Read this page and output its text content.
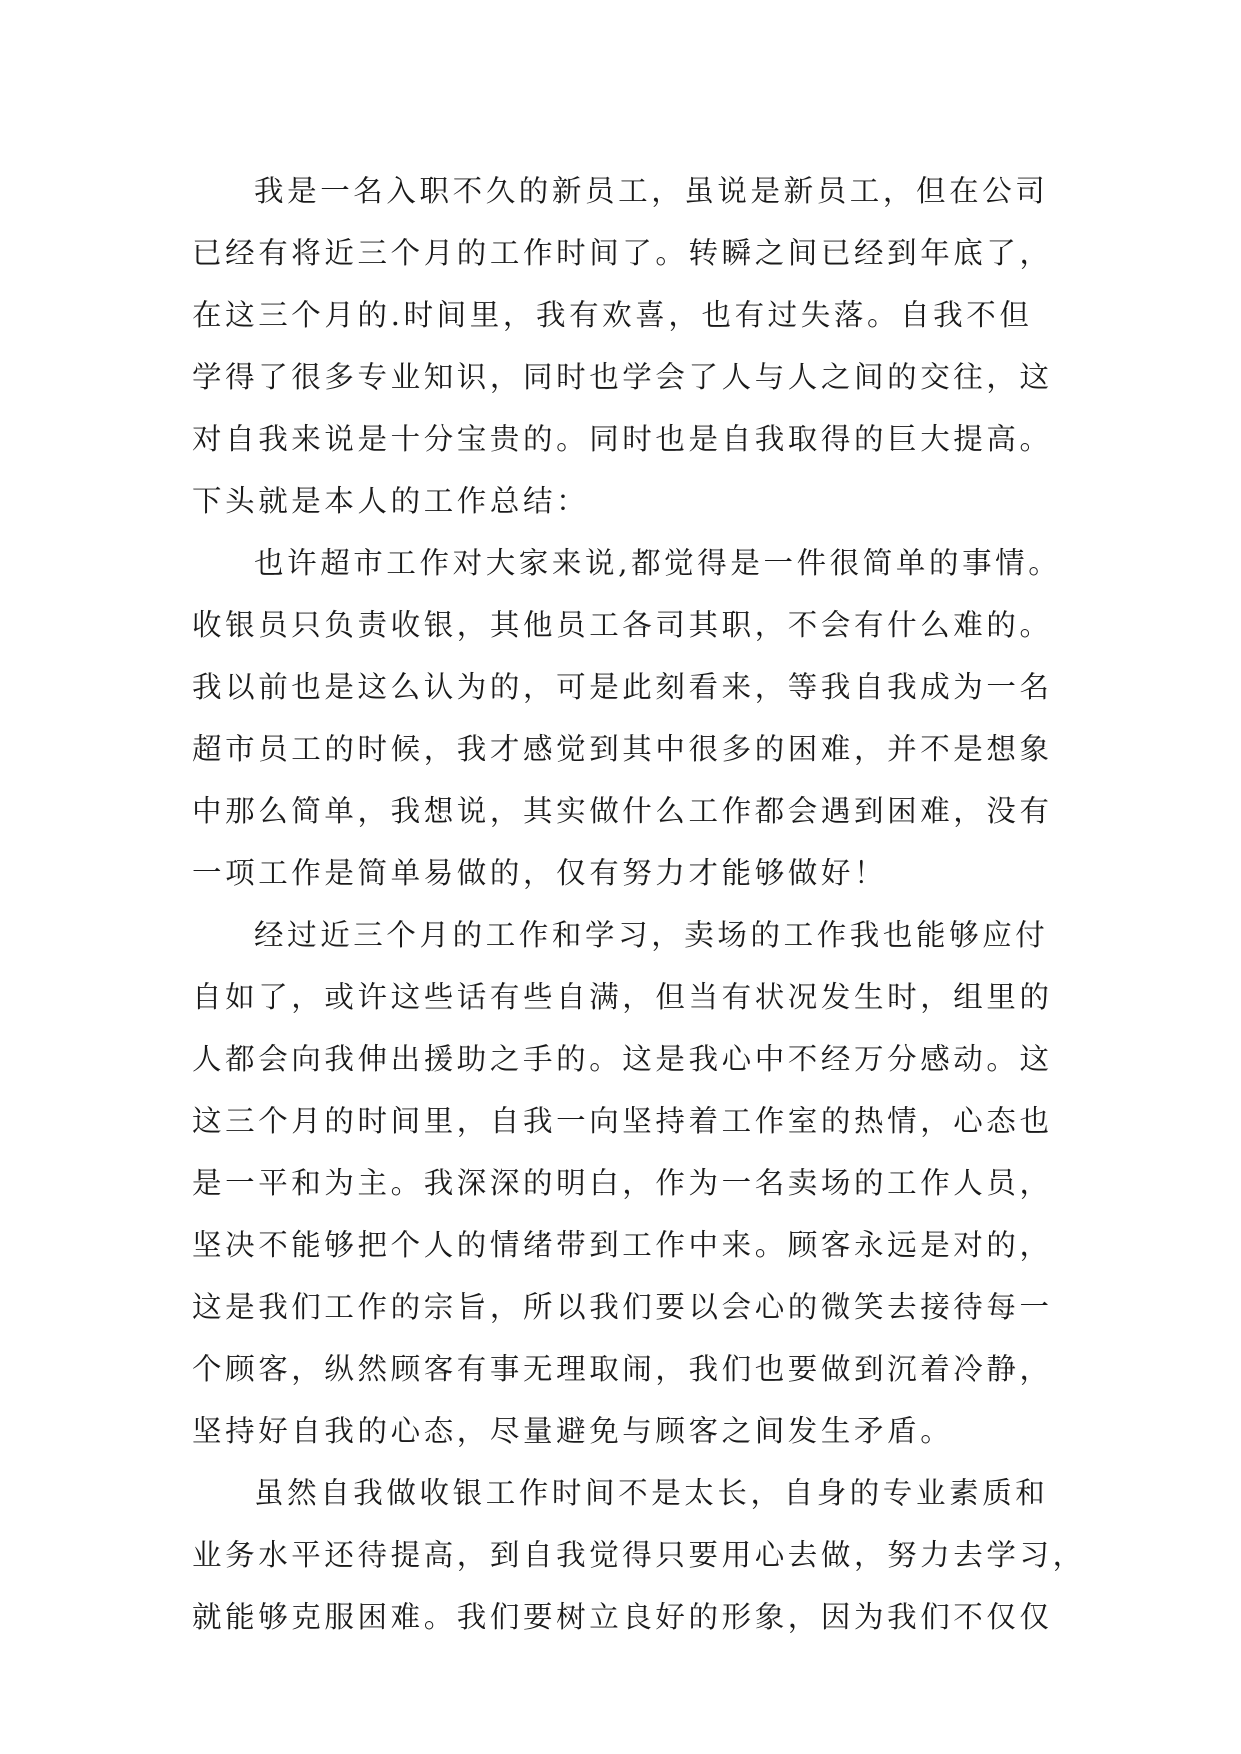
我是一名入职不久的新员工，虽说是新员工，但在公司
已经有将近三个月的工作时间了。转瞬之间已经到年底了，
在这三个月的.时间里，我有欢喜，也有过失落。自我不但
学得了很多专业知识，同时也学会了人与人之间的交往，这
对自我来说是十分宝贵的。同时也是自我取得的巨大提高。
下头就是本人的工作总结：
也许超市工作对大家来说,都觉得是一件很简单的事情。
收银员只负责收银，其他员工各司其职，不会有什么难的。
我以前也是这么认为的，可是此刻看来，等我自我成为一名
超市员工的时候，我才感觉到其中很多的困难，并不是想象
中那么简单，我想说，其实做什么工作都会遇到困难，没有
一项工作是简单易做的，仅有努力才能够做好！
经过近三个月的工作和学习，卖场的工作我也能够应付
自如了，或许这些话有些自满，但当有状况发生时，组里的
人都会向我伸出援助之手的。这是我心中不经万分感动。这
这三个月的时间里，自我一向坚持着工作室的热情，心态也
是一平和为主。我深深的明白，作为一名卖场的工作人员，
坚决不能够把个人的情绪带到工作中来。顾客永远是对的，
这是我们工作的宗旨，所以我们要以会心的微笑去接待每一
个顾客，纵然顾客有事无理取闹，我们也要做到沉着冷静，
坚持好自我的心态，尽量避免与顾客之间发生矛盾。
虽然自我做收银工作时间不是太长，自身的专业素质和
业务水平还待提高，到自我觉得只要用心去做，努力去学习，
就能够克服困难。我们要树立良好的形象，因为我们不仅仅
